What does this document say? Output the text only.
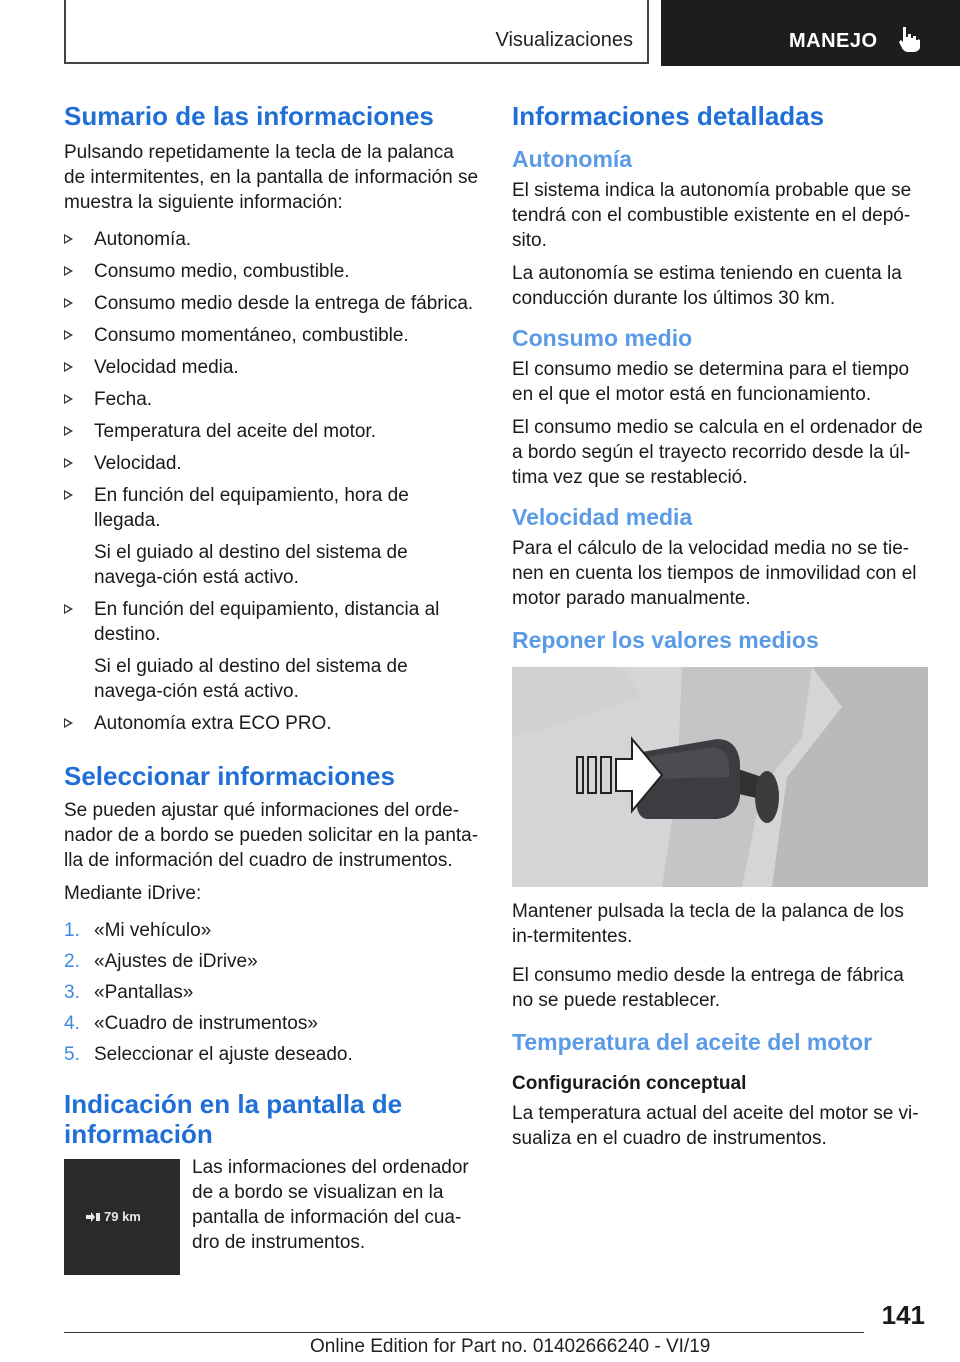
Visualizaciones	MANEJO
Sumario de las informaciones

Pulsando repetidamente la tecla de la palanca de intermitentes, en la pantalla de información se muestra la siguiente información:

Autonomía.
Consumo medio, combustible.
Consumo medio desde la entrega de fábrica.
Consumo momentáneo, combustible.
Velocidad media.
Fecha.
Temperatura del aceite del motor.
Velocidad.
En función del equipamiento, hora de llegada.
Si el guiado al destino del sistema de navega‐ción está activo.
En función del equipamiento, distancia al destino.
Si el guiado al destino del sistema de navega‐ción está activo.
Autonomía extra ECO PRO.
Seleccionar informaciones

Se pueden ajustar qué informaciones del orde‐nador de a bordo se pueden solicitar en la panta‐lla de información del cuadro de instrumentos.

Mediante iDrive:

1. «Mi vehículo»
2. «Ajustes de iDrive»
3. «Pantallas»
4. «Cuadro de instrumentos»
5. Seleccionar el ajuste deseado.
Indicación en la pantalla de información
79 km

Las informaciones del ordenador de a bordo se visualizan en la pantalla de información del cua‐dro de instrumentos.

Informaciones detalladas
Autonomía

El sistema indica la autonomía probable que se tendrá con el combustible existente en el depó‐sito.

La autonomía se estima teniendo en cuenta la conducción durante los últimos 30 km.

Consumo medio

El consumo medio se determina para el tiempo en el que el motor está en funcionamiento.

El consumo medio se calcula en el ordenador de a bordo según el trayecto recorrido desde la úl‐tima vez que se restableció.

Velocidad media

Para el cálculo de la velocidad media no se tie‐nen en cuenta los tiempos de inmovilidad con el motor parado manualmente.

Reponer los valores medios

Mantener pulsada la tecla de la palanca de los in‐termitentes.

El consumo medio desde la entrega de fábrica no se puede restablecer.

Temperatura del aceite del motor
Configuración conceptual

La temperatura actual del aceite del motor se vi‐sualiza en el cuadro de instrumentos.

141
Online Edition for Part no. 01402666240 - VI/19
